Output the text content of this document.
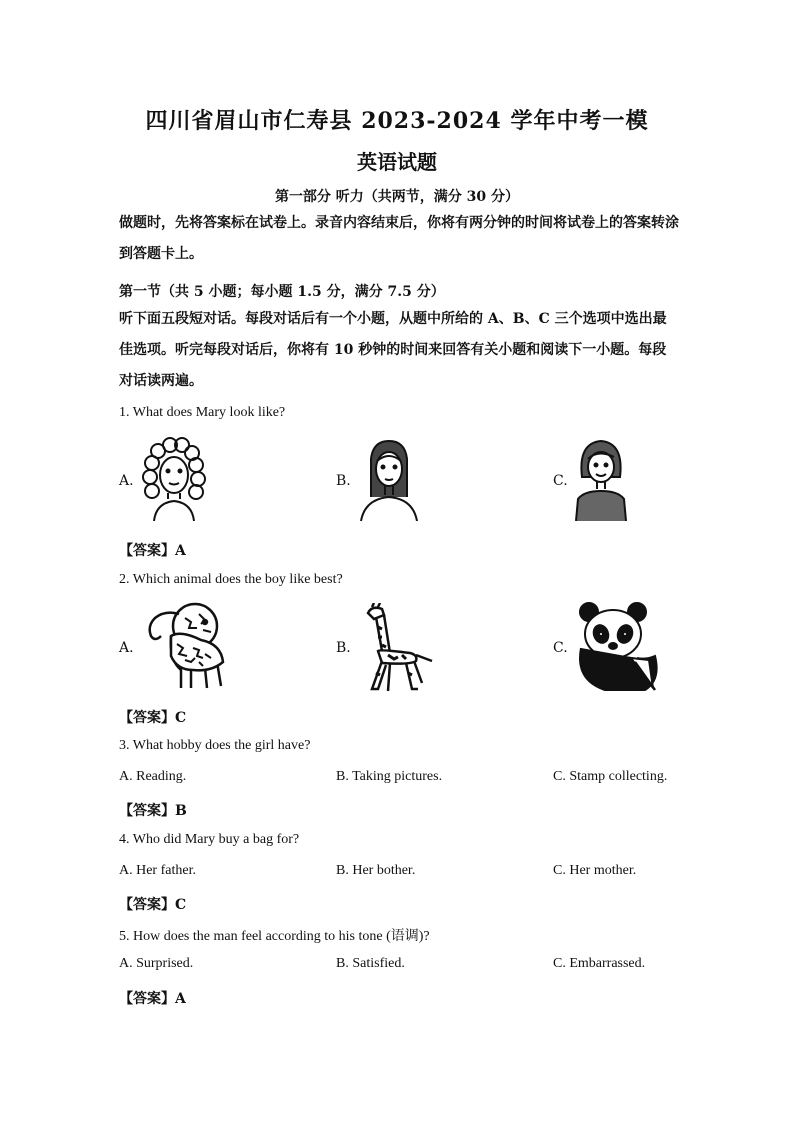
四川省眉山市仁寿县 2023-2024 学年中考一模
英语试题
第一部分 听力（共两节，满分 30 分）
做题时，先将答案标在试卷上。录音内容结束后，你将有两分钟的时间将试卷上的答案转涂到答题卡上。
第一节（共 5 小题；每小题 1.5 分，满分 7.5 分）
听下面五段短对话。每段对话后有一个小题，从题中所给的 A、B、C 三个选项中选出最佳选项。听完每段对话后，你将有 10 秒钟的时间来回答有关小题和阅读下一小题。每段对话读两遍。
1. What does Mary look like?
A.	B.	C.
【答案】A
2. Which animal does the boy like best?
A.	B.	C.
【答案】C
3. What hobby does the girl have?
A. Reading.	B. Taking pictures.	C. Stamp collecting.
【答案】B
4. Who did Mary buy a bag for?
A. Her father.	B. Her bother.	C. Her mother.
【答案】C
5. How does the man feel according to his tone (语调)?
A. Surprised.	B. Satisfied.	C. Embarrassed.
【答案】A
